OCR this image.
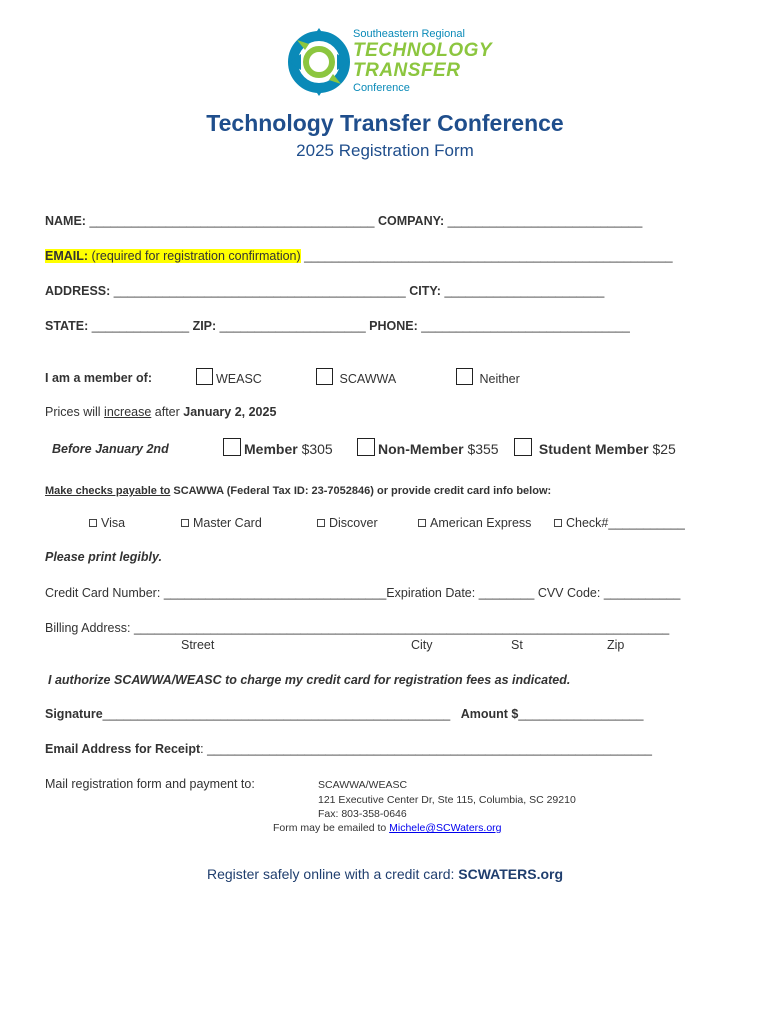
Southeastern Regional
TECHNOLOGY
TRANSFER
Conference
Technology Transfer Conference
2025 Registration Form
NAME: _________________________________________ COMPANY: ____________________________
EMAIL: (required for registration confirmation) _____________________________________________________
ADDRESS: __________________________________________ CITY: _______________________
STATE: ______________ ZIP: _____________________ PHONE: ______________________________
I am a member of:	WEASC	SCAWWA	Neither
Prices will increase after January 2, 2025
Before January 2nd	Member $305	Non-Member $355	Student Member $25
Make checks payable to SCAWWA (Federal Tax ID: 23-7052846) or provide credit card info below:
Visa	Master Card	Discover	American Express	Check#___________
Please print legibly.
Credit Card Number: ________________________________Expiration Date: ________ CVV Code: ___________
Billing Address: _____________________________________________________________________________
Street	City	St	Zip
I authorize SCAWWA/WEASC to charge my credit card for registration fees as indicated.
Signature__________________________________________________ Amount $__________________
Email Address for Receipt: ________________________________________________________________
Mail registration form and payment to:	SCAWWA/WEASC
121 Executive Center Dr, Ste 115, Columbia, SC 29210
Fax: 803-358-0646
Form may be emailed to Michele@SCWaters.org
Register safely online with a credit card: SCWATERS.org
